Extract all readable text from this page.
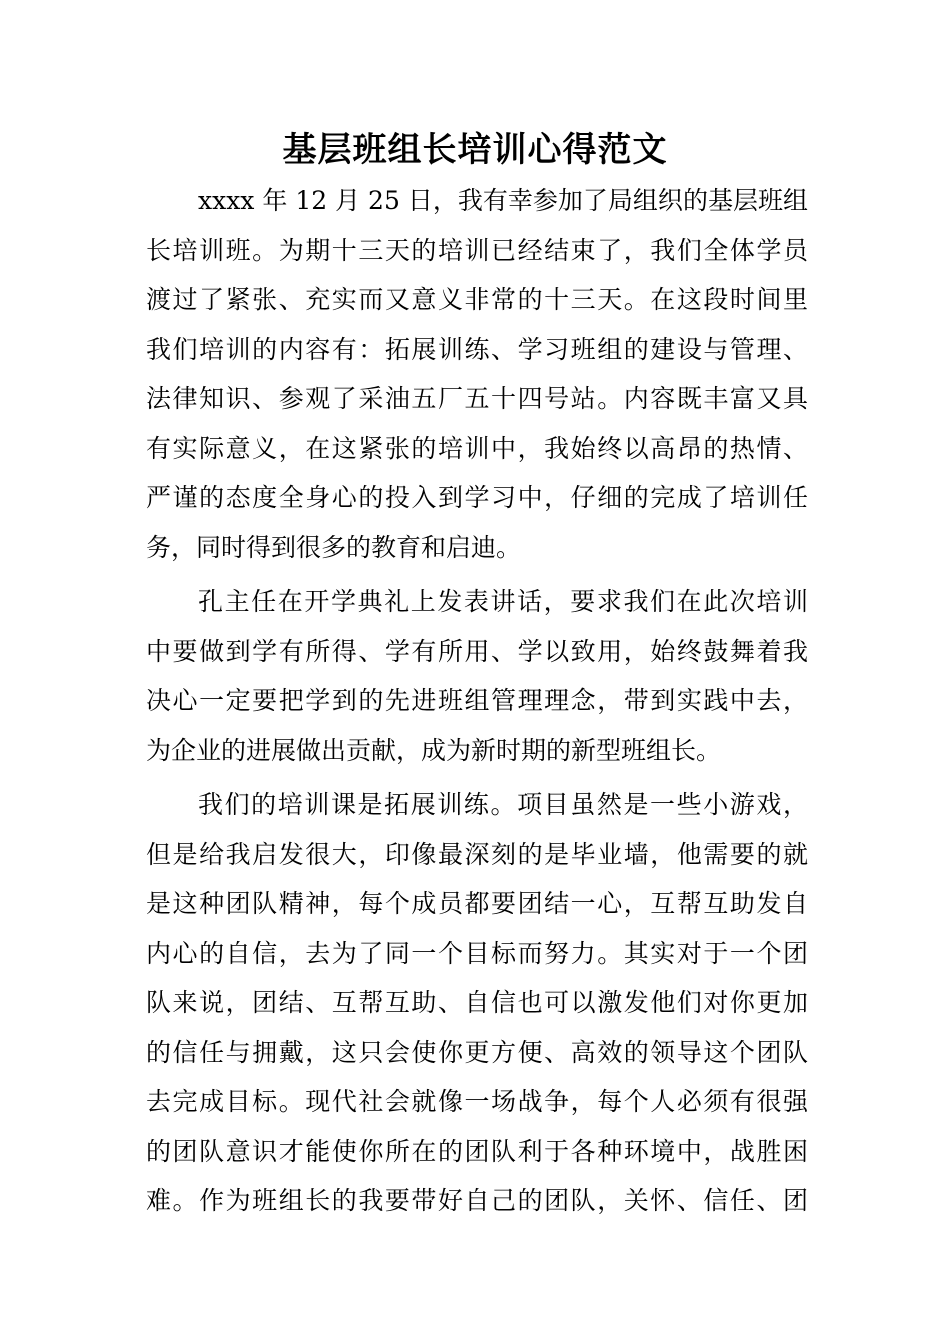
基层班组长培训心得范文
xxxx 年 12 月 25 日，我有幸参加了局组织的基层班组
长培训班。为期十三天的培训已经结束了，我们全体学员
渡过了紧张、充实而又意义非常的十三天。在这段时间里
我们培训的内容有：拓展训练、学习班组的建设与管理、
法律知识、参观了采油五厂五十四号站。内容既丰富又具
有实际意义，在这紧张的培训中，我始终以高昂的热情、
严谨的态度全身心的投入到学习中，仔细的完成了培训任
务，同时得到很多的教育和启迪。
孔主任在开学典礼上发表讲话，要求我们在此次培训
中要做到学有所得、学有所用、学以致用，始终鼓舞着我
决心一定要把学到的先进班组管理理念，带到实践中去，
为企业的进展做出贡献，成为新时期的新型班组长。
我们的培训课是拓展训练。项目虽然是一些小游戏，
但是给我启发很大，印像最深刻的是毕业墙，他需要的就
是这种团队精神，每个成员都要团结一心，互帮互助发自
内心的自信，去为了同一个目标而努力。其实对于一个团
队来说，团结、互帮互助、自信也可以激发他们对你更加
的信任与拥戴，这只会使你更方便、高效的领导这个团队
去完成目标。现代社会就像一场战争，每个人必须有很强
的团队意识才能使你所在的团队利于各种环境中，战胜困
难。作为班组长的我要带好自己的团队，关怀、信任、团
